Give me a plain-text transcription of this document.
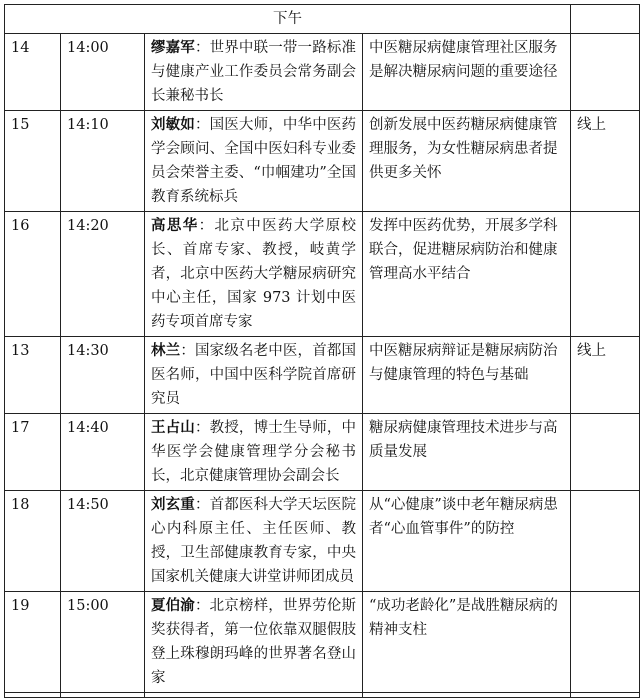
下午				
14	14:00	缪嘉军：世界中联一带一路标准与健康产业工作委员会常务副会长兼秘书长	中医糖尿病健康管理社区服务是解决糖尿病问题的重要途径	
15	14:10	刘敏如：国医大师，中华中医药学会顾问、全国中医妇科专业委员会荣誉主委、“巾帼建功”全国教育系统标兵	创新发展中医药糖尿病健康管理服务，为女性糖尿病患者提供更多关怀	线上
16	14:20	高思华：北京中医药大学原校长、首席专家、教授，岐黄学者，北京中医药大学糖尿病研究中心主任，国家 973 计划中医药专项首席专家	发挥中医药优势，开展多学科联合，促进糖尿病防治和健康管理高水平结合	
13	14:30	林兰：国家级名老中医，首都国医名师，中国中医科学院首席研究员	中医糖尿病辩证是糖尿病防治与健康管理的特色与基础	线上
17	14:40	王占山：教授，博士生导师，中华医学会健康管理学分会秘书长，北京健康管理协会副会长	糖尿病健康管理技术进步与高质量发展	
18	14:50	刘玄重：首都医科大学天坛医院心内科原主任、主任医师、教授，卫生部健康教育专家，中央国家机关健康大讲堂讲师团成员	从“心健康”谈中老年糖尿病患者“心血管事件”的防控	
19	15:00	夏伯渝：北京榜样，世界劳伦斯奖获得者，第一位依靠双腿假肢登上珠穆朗玛峰的世界著名登山家	“成功老龄化”是战胜糖尿病的精神支柱	
